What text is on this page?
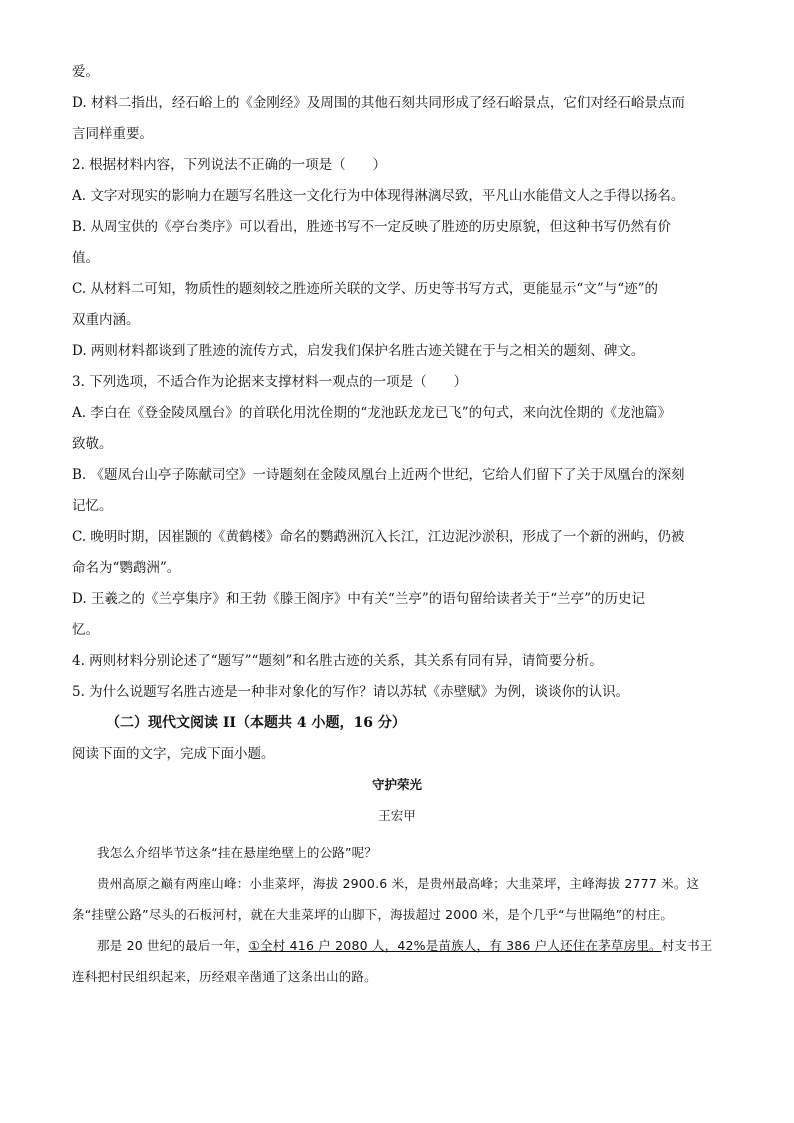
爱。
D. 材料二指出，经石峪上的《金刚经》及周围的其他石刻共同形成了经石峪景点，它们对经石峪景点而
言同样重要。
2. 根据材料内容，下列说法不正确的一项是（　　）
A. 文字对现实的影响力在题写名胜这一文化行为中体现得淋漓尽致，平凡山水能借文人之手得以扬名。
B. 从周宝供的《亭台类序》可以看出，胜迹书写不一定反映了胜迹的历史原貌，但这种书写仍然有价
值。
C. 从材料二可知，物质性的题刻较之胜迹所关联的文学、历史等书写方式，更能显示“文”与“迹”的
双重内涵。
D. 两则材料都谈到了胜迹的流传方式，启发我们保护名胜古迹关键在于与之相关的题刻、碑文。
3. 下列选项，不适合作为论据来支撑材料一观点的一项是（　　）
A. 李白在《登金陵凤凰台》的首联化用沈佺期的“龙池跃龙龙已飞”的句式，来向沈佺期的《龙池篇》
致敬。
B. 《题凤台山亭子陈献司空》一诗题刻在金陵凤凰台上近两个世纪，它给人们留下了关于凤凰台的深刻
记忆。
C. 晚明时期，因崔颢的《黄鹤楼》命名的鹦鹉洲沉入长江，江边泥沙淤积，形成了一个新的洲屿，仍被
命名为“鹦鹉洲”。
D. 王羲之的《兰亭集序》和王勃《滕王阁序》中有关“兰亭”的语句留给读者关于“兰亭”的历史记
忆。
4. 两则材料分别论述了“题写”“题刻”和名胜古迹的关系，其关系有同有异，请简要分析。
5. 为什么说题写名胜古迹是一种非对象化的写作？请以苏轼《赤壁赋》为例，谈谈你的认识。
（二）现代文阅读 II（本题共 4 小题，16 分）
阅读下面的文字，完成下面小题。
守护荣光
王宏甲
我怎么介绍毕节这条“挂在悬崖绝壁上的公路”呢？
贵州高原之巅有两座山峰：小韭菜坪，海拔 2900.6 米，是贵州最高峰；大韭菜坪，主峰海拔 2777 米。这条“挂壁公路”尽头的石板河村，就在大韭菜坪的山脚下，海拔超过 2000 米，是个几乎“与世隔绝”的村庄。
那是 20 世纪的最后一年，①全村 416 户 2080 人，42%是苗族人，有 386 户人还住在茅草房里。村支书王连科把村民组织起来，历经艰辛凿通了这条出山的路。
